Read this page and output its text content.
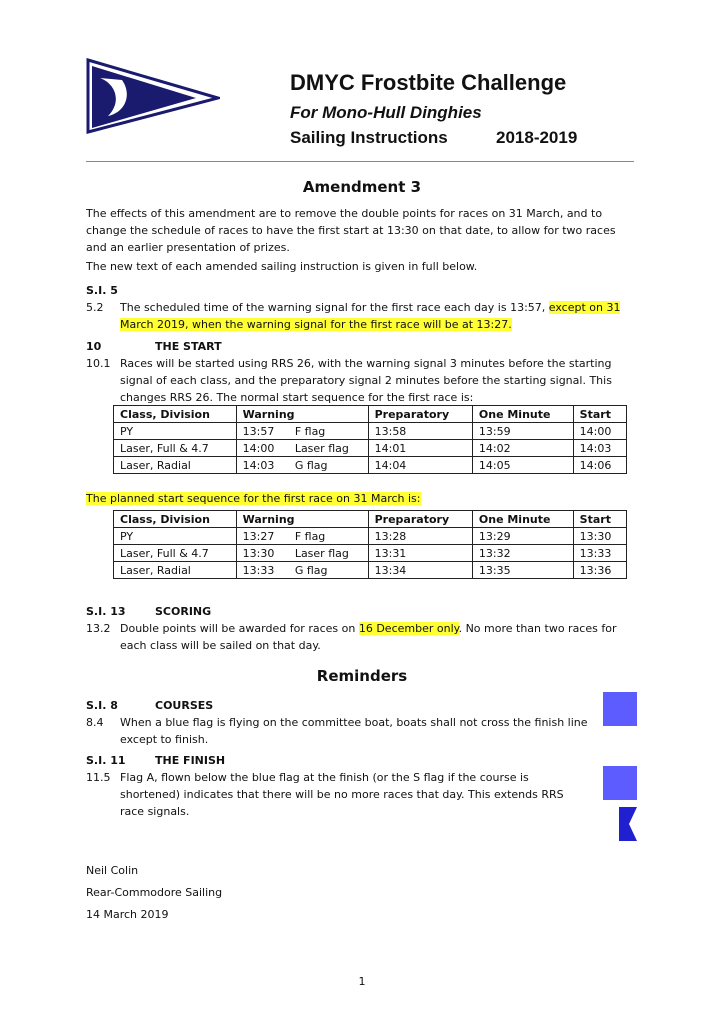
DMYC Frostbite Challenge
For Mono-Hull Dinghies
Sailing Instructions	2018-2019
Amendment 3
The effects of this amendment are to remove the double points for races on 31 March, and to change the schedule of races to have the first start at 13:30 on that date, to allow for two races and an earlier presentation of prizes.
The new text of each amended sailing instruction is given in full below.
S.I. 5
5.2 The scheduled time of the warning signal for the first race each day is 13:57, except on 31 March 2019, when the warning signal for the first race will be at 13:27.
10	THE START
10.1 Races will be started using RRS 26, with the warning signal 3 minutes before the starting signal of each class, and the preparatory signal 2 minutes before the starting signal. This changes RRS 26. The normal start sequence for the first race is:
Class, Division	Warning		Preparatory	One Minute	Start
PY	13:57	F flag	13:58	13:59	14:00
Laser, Full & 4.7	14:00	Laser flag	14:01	14:02	14:03
Laser, Radial	14:03	G flag	14:04	14:05	14:06
The planned start sequence for the first race on 31 March is:
Class, Division	Warning		Preparatory	One Minute	Start
PY	13:27	F flag	13:28	13:29	13:30
Laser, Full & 4.7	13:30	Laser flag	13:31	13:32	13:33
Laser, Radial	13:33	G flag	13:34	13:35	13:36
S.I. 13	SCORING
13.2 Double points will be awarded for races on 16 December only. No more than two races for each class will be sailed on that day.
Reminders
S.I. 8	COURSES
8.4 When a blue flag is flying on the committee boat, boats shall not cross the finish line except to finish.
S.I. 11	THE FINISH
11.5 Flag A, flown below the blue flag at the finish (or the S flag if the course is shortened) indicates that there will be no more races that day. This extends RRS race signals.
Neil Colin
Rear-Commodore Sailing
14 March 2019
1
